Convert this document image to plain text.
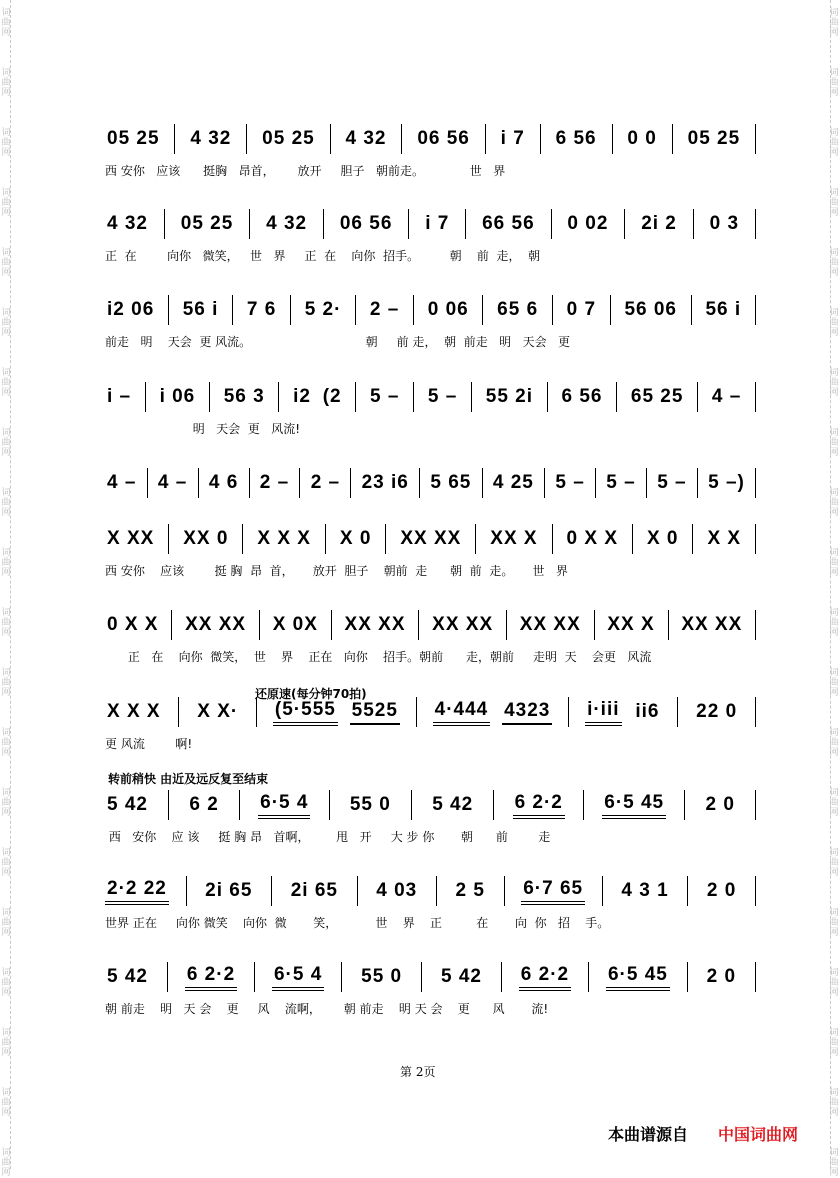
词
曲
网
词
曲
网
词
曲
网
词
曲
网
词
曲
网
词
曲
网
词
曲
网
词
曲
网
词
曲
网
词
曲
网
词
曲
网
词
曲
网
词
曲
网
词
曲
网
词
曲
网
词
曲
网
词
曲
网
词
曲
网
词
曲
网
词
曲
网
词
曲
网
词
曲
网
词
曲
网
词
曲
网
词
曲
网
词
曲
网
词
曲
网
词
曲
网
词
曲
网
词
曲
网
词
曲
网
词
曲
网
词
曲
网
词
曲
网
词
曲
网
词
曲
网
词
曲
网
词
曲
网
词
曲
网
词
曲
网
05 25 4 32 05 25 4 32 06 56 i 7 6 56 0 0 05 25
西 安你   应该      挺胸   昂首，      放开     胆子   朝前走。            世   界
4 32 05 25 4 32 06 56 i 7 66 56 0 02 2i 2 0 3
正  在        向你   微笑，   世   界     正  在    向你  招手。        朝    前  走，  朝
i2 06 56 i 7 6 5 2· 2 – 0 06 65 6 0 7 56 06 56 i
前走   明    天会  更 风流。                              朝     前 走，  朝  前走   明   天会   更
i – i 06 56 3 i2 (2 5 – 5 – 55 2i 6 56 65 25 4 –
明   天会  更   风流!
4 – 4 – 4 6 2 – 2 – 23 i6 5 65 4 25 5 – 5 – 5 – 5 –)
X XX XX 0 X X X X 0 XX XX XX X 0 X X X 0 X X
西 安你    应该        挺 胸  昂  首，     放开  胆子    朝前  走      朝  前  走。     世   界
0 X X XX XX X 0X XX XX XX XX XX XX XX X XX XX
正   在    向你  微笑，  世    界    正在   向你    招手。朝前      走，朝前     走明  天    会更   风流
X X X X X· (5·555 5525 4·444 4323 i·iii ii6 22 0
更 风流        啊!
5 42 6 2 6·5 4 55 0 5 42 6 2·2 6·5 45 2 0
西   安你    应 该     挺 胸 昂   首啊，       甩   开     大 步 你       朝      前        走
2·2 22 2i 65 2i 65 4 03 2 5 6·7 65 4 3 1 2 0
世界 正在     向你 微笑    向你  微       笑，          世    界    正         在       向  你   招    手。
5 42 6 2·2 6·5 4 55 0 5 42 6 2·2 6·5 45 2 0
朝 前走    明   天 会    更     风    流啊，      朝 前走    明 天 会    更      风       流!
还原速(每分钟70拍)
转前稍快 由近及远反复至结束
第 2页
本曲谱源自 中国词曲网
